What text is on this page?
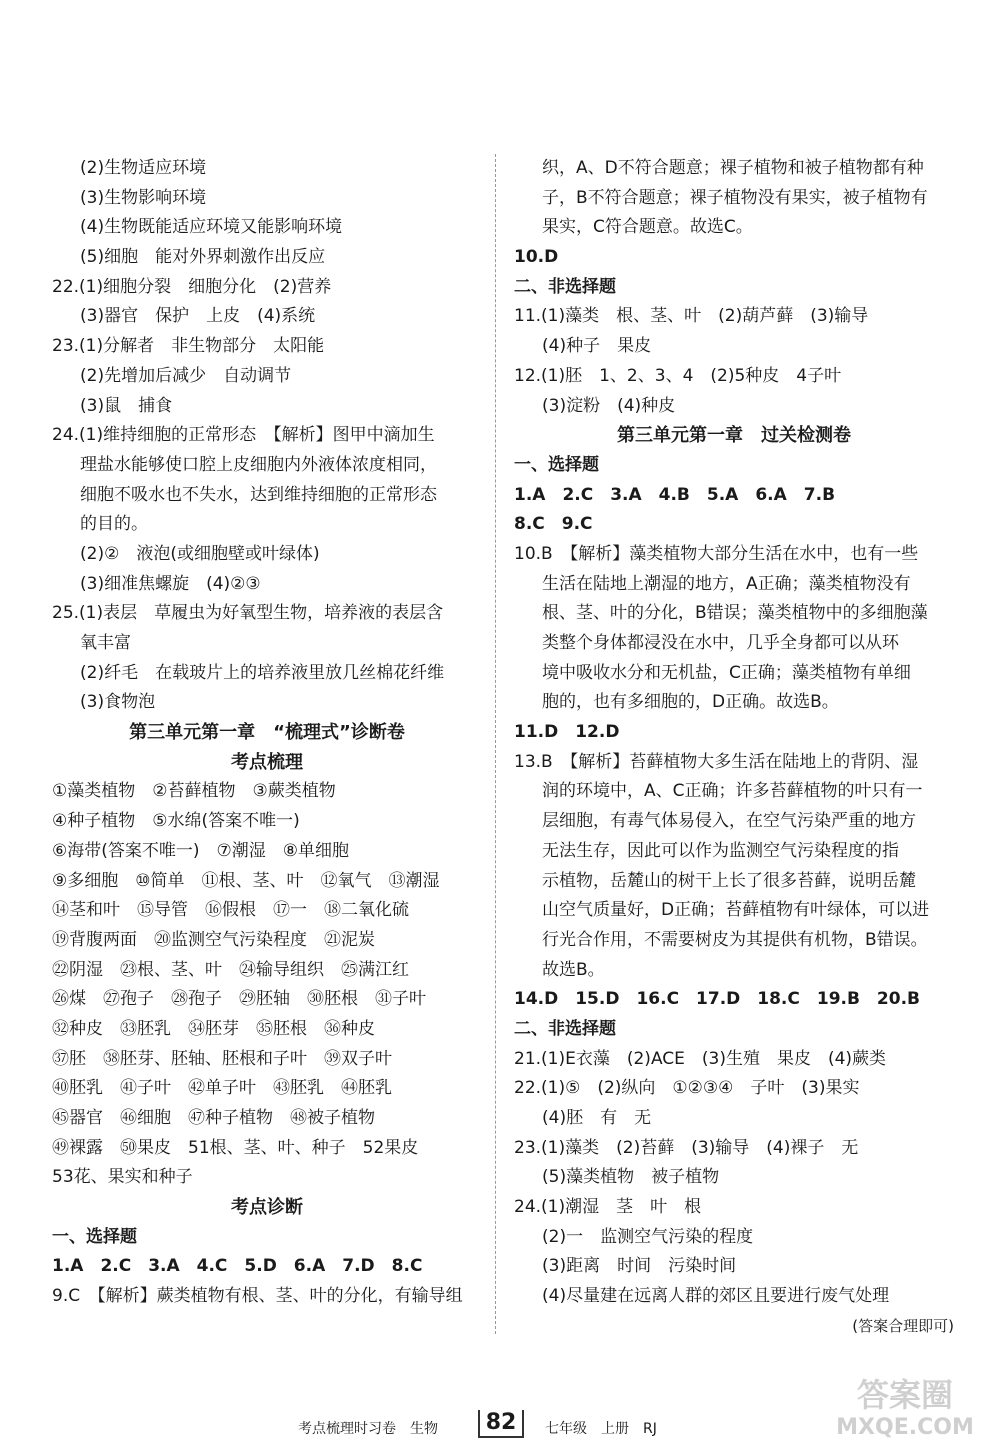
(2)生物适应环境
(3)生物影响环境
(4)生物既能适应环境又能影响环境
(5)细胞　能对外界刺激作出反应
22.(1)细胞分裂　细胞分化　(2)营养
(3)器官　保护　上皮　(4)系统
23.(1)分解者　非生物部分　太阳能
(2)先增加后减少　自动调节
(3)鼠　捕食
24.(1)维持细胞的正常形态　【解析】图甲中滴加生
理盐水能够使口腔上皮细胞内外液体浓度相同，
细胞不吸水也不失水，达到维持细胞的正常形态
的目的。
(2)②　液泡(或细胞壁或叶绿体)
(3)细准焦螺旋　(4)②③
25.(1)表层　草履虫为好氧型生物，培养液的表层含
氧丰富
(2)纤毛　在载玻片上的培养液里放几丝棉花纤维
(3)食物泡
第三单元第一章　“梳理式”诊断卷
考点梳理
①藻类植物　②苔藓植物　③蕨类植物
④种子植物　⑤水绵(答案不唯一)
⑥海带(答案不唯一)　⑦潮湿　⑧单细胞
⑨多细胞　⑩简单　⑪根、茎、叶　⑫氧气　⑬潮湿
⑭茎和叶　⑮导管　⑯假根　⑰一　⑱二氧化硫
⑲背腹两面　⑳监测空气污染程度　㉑泥炭
㉒阴湿　㉓根、茎、叶　㉔输导组织　㉕满江红
㉖煤　㉗孢子　㉘孢子　㉙胚轴　㉚胚根　㉛子叶
㉜种皮　㉝胚乳　㉞胚芽　㉟胚根　㊱种皮
㊲胚　㊳胚芽、胚轴、胚根和子叶　㊴双子叶
㊵胚乳　㊶子叶　㊷单子叶　㊸胚乳　㊹胚乳
㊺器官　㊻细胞　㊼种子植物　㊽被子植物
㊾裸露　㊿果皮　51根、茎、叶、种子　52果皮
53花、果实和种子
考点诊断
一、选择题
1.A　2.C　3.A　4.C　5.D　6.A　7.D　8.C
9.C　【解析】蕨类植物有根、茎、叶的分化，有输导组
织，A、D不符合题意；裸子植物和被子植物都有种
子，B不符合题意；裸子植物没有果实，被子植物有
果实，C符合题意。故选C。
10.D
二、非选择题
11.(1)藻类　根、茎、叶　(2)葫芦藓　(3)输导
(4)种子　果皮
12.(1)胚　1、2、3、4　(2)5种皮　4子叶
(3)淀粉　(4)种皮
第三单元第一章　过关检测卷
一、选择题
1.A　2.C　3.A　4.B　5.A　6.A　7.B
8.C　9.C
10.B　【解析】藻类植物大部分生活在水中，也有一些
生活在陆地上潮湿的地方，A正确；藻类植物没有
根、茎、叶的分化，B错误；藻类植物中的多细胞藻
类整个身体都浸没在水中，几乎全身都可以从环
境中吸收水分和无机盐，C正确；藻类植物有单细
胞的，也有多细胞的，D正确。故选B。
11.D　12.D
13.B　【解析】苔藓植物大多生活在陆地上的背阴、湿
润的环境中，A、C正确；许多苔藓植物的叶只有一
层细胞，有毒气体易侵入，在空气污染严重的地方
无法生存，因此可以作为监测空气污染程度的指
示植物，岳麓山的树干上长了很多苔藓，说明岳麓
山空气质量好，D正确；苔藓植物有叶绿体，可以进
行光合作用，不需要树皮为其提供有机物，B错误。
故选B。
14.D　15.D　16.C　17.D　18.C　19.B　20.B
二、非选择题
21.(1)E衣藻　(2)ACE　(3)生殖　果皮　(4)蕨类
22.(1)⑤　(2)纵向　①②③④　子叶　(3)果实
(4)胚　有　无
23.(1)藻类　(2)苔藓　(3)输导　(4)裸子　无
(5)藻类植物　被子植物
24.(1)潮湿　茎　叶　根
(2)一　监测空气污染的程度
(3)距离　时间　污染时间
(4)尽量建在远离人群的郊区且要进行废气处理
(答案合理即可)
考点梳理时习卷　生物	82	七年级　上册　RJ
答案圈
MXQE.COM
